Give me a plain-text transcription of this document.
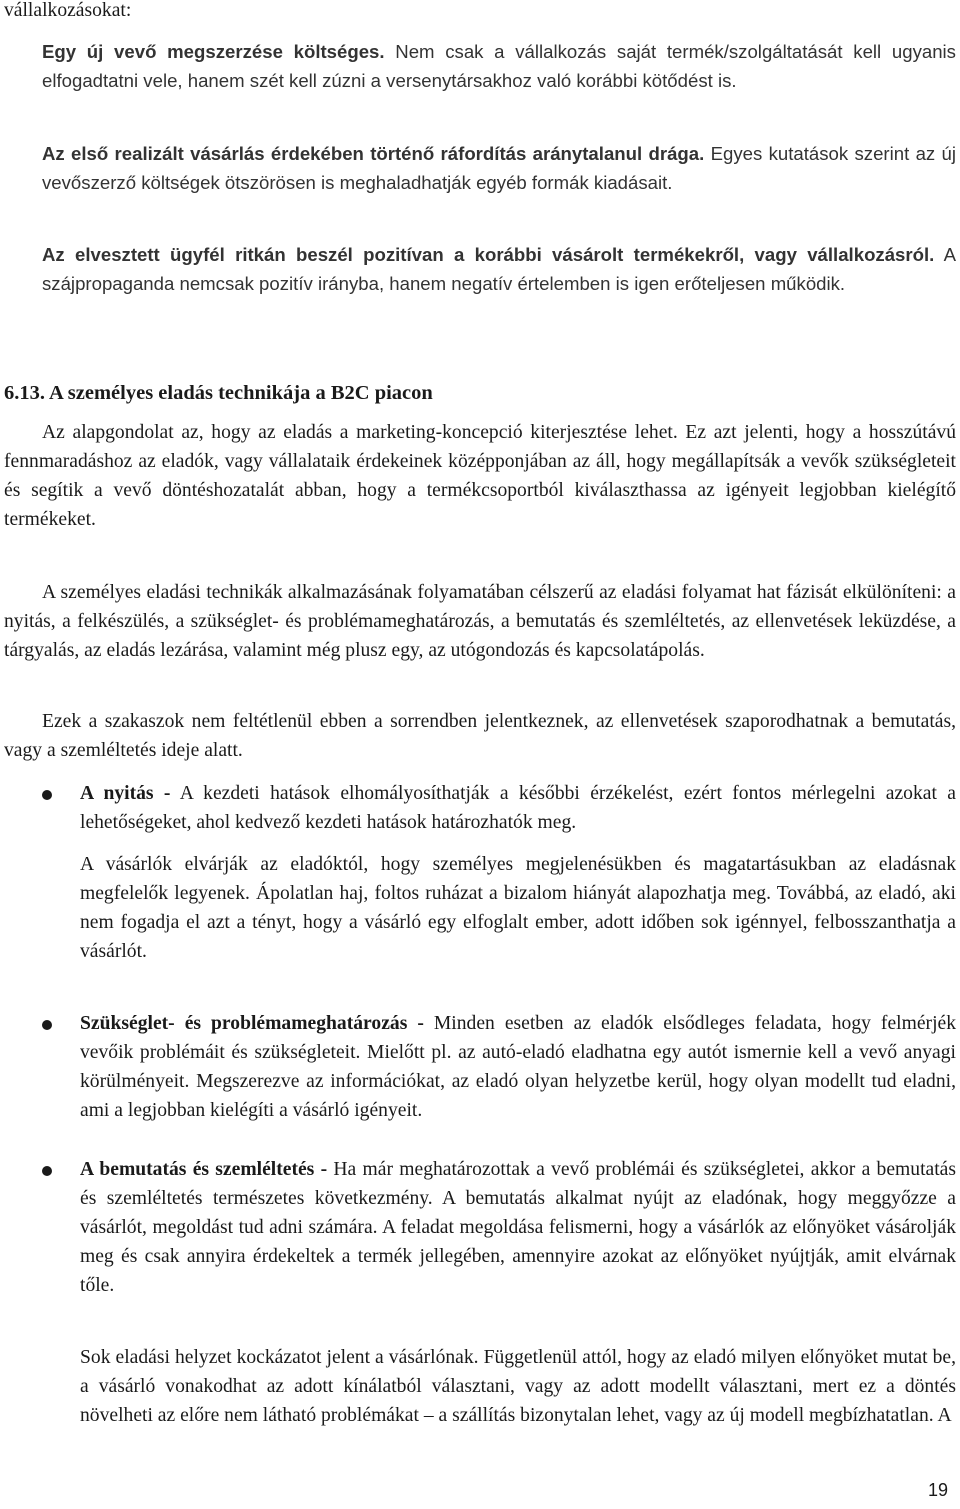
vállalkozásokat:

Egy új vevő megszerzése költséges. Nem csak a vállalkozás saját termék/szolgáltatását kell ugyanis elfogadtatni vele, hanem szét kell zúzni a versenytársakhoz való korábbi kötődést is.

Az első realizált vásárlás érdekében történő ráfordítás aránytalanul drága. Egyes kutatások szerint az új vevőszerző költségek ötszörösen is meghaladhatják egyéb formák kiadásait.

Az elvesztett ügyfél ritkán beszél pozitívan a korábbi vásárolt termékekről, vagy vállalkozásról. A szájpropaganda nemcsak pozitív irányba, hanem negatív értelemben is igen erőteljesen működik.

6.13. A személyes eladás technikája a B2C piacon

Az alapgondolat az, hogy az eladás a marketing-koncepció kiterjesztése lehet. Ez azt jelenti, hogy a hosszútávú fennmaradáshoz az eladók, vagy vállalataik érdekeinek középponjában az áll, hogy megállapítsák a vevők szükségleteit és segítik a vevő döntéshozatalát abban, hogy a termékcsoportból kiválaszthassa az igényeit legjobban kielégítő termékeket.

A személyes eladási technikák alkalmazásának folyamatában célszerű az eladási folyamat hat fázisát elkülöníteni: a nyitás, a felkészülés, a szükséglet- és problémameghatározás, a bemutatás és szemléltetés, az ellenvetések leküzdése, a tárgyalás, az eladás lezárása, valamint még plusz egy, az utógondozás és kapcsolatápolás.

Ezek a szakaszok nem feltétlenül ebben a sorrendben jelentkeznek, az ellenvetések szaporodhatnak a bemutatás, vagy a szemléltetés ideje alatt.

A nyitás - A kezdeti hatások elhomályosíthatják a későbbi érzékelést, ezért fontos mérlegelni azokat a lehetőségeket, ahol kedvező kezdeti hatások határozhatók meg.

A vásárlók elvárják az eladóktól, hogy személyes megjelenésükben és magatartásukban az eladásnak megfelelők legyenek. Ápolatlan haj, foltos ruházat a bizalom hiányát alapozhatja meg. Továbbá, az eladó, aki nem fogadja el azt a tényt, hogy a vásárló egy elfoglalt ember, adott időben sok igénnyel, felbosszanthatja a vásárlót.

Szükséglet- és problémameghatározás - Minden esetben az eladók elsődleges feladata, hogy felmérjék vevőik problémáit és szükségleteit. Mielőtt pl. az autó-eladó eladhatna egy autót ismernie kell a vevő anyagi körülményeit. Megszerezve az információkat, az eladó olyan helyzetbe kerül, hogy olyan modellt tud eladni, ami a legjobban kielégíti a vásárló igényeit.

A bemutatás és szemléltetés - Ha már meghatározottak a vevő problémái és szükségletei, akkor a bemutatás és szemléltetés természetes következmény. A bemutatás alkalmat nyújt az eladónak, hogy meggyőzze a vásárlót, megoldást tud adni számára. A feladat megoldása felismerni, hogy a vásárlók az előnyöket vásárolják meg és csak annyira érdekeltek a termék jellegében, amennyire azokat az előnyöket nyújtják, amit elvárnak tőle.

Sok eladási helyzet kockázatot jelent a vásárlónak. Függetlenül attól, hogy az eladó milyen előnyöket mutat be, a vásárló vonakodhat az adott kínálatból választani, vagy az adott modellt választani, mert ez a döntés növelheti az előre nem látható problémákat – a szállítás bizonytalan lehet, vagy az új modell megbízhatatlan. A

19
